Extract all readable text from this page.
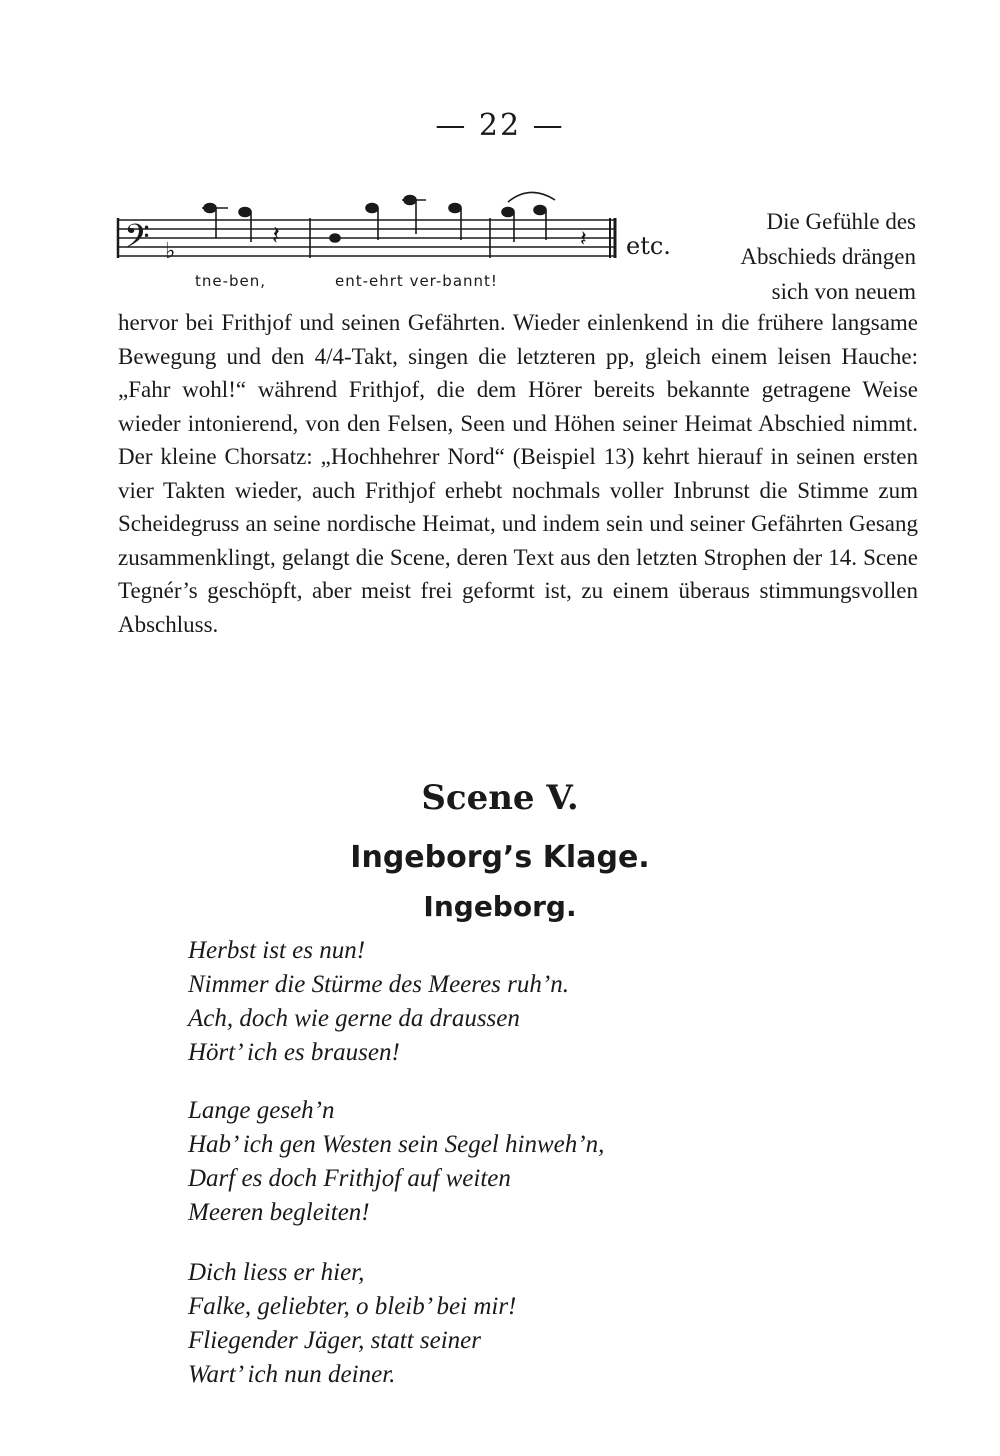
— 22 —
𝄢 ♭
𝄽	𝄽 etc.
tne-ben,	ent-ehrt ver-bannt!
Die Gefühle des
Abschieds drängen
sich von neuem

hervor bei Frithjof und seinen Gefährten. Wieder einlenkend in die frühere langsame Bewegung und den 4/4-Takt, singen die letzteren pp, gleich einem leisen Hauche: „Fahr wohl!“ während Frithjof, die dem Hörer bereits bekannte getragene Weise wieder intonierend, von den Felsen, Seen und Höhen seiner Heimat Abschied nimmt. Der kleine Chorsatz: „Hochhehrer Nord“ (Beispiel 13) kehrt hierauf in seinen ersten vier Takten wieder, auch Frithjof erhebt nochmals voller Inbrunst die Stimme zum Scheidegruss an seine nordische Heimat, und indem sein und seiner Gefährten Gesang zusammenklingt, gelangt die Scene, deren Text aus den letzten Strophen der 14. Scene Tegnér’s geschöpft, aber meist frei geformt ist, zu einem überaus stimmungsvollen Abschluss.

Scene V.
Ingeborg’s Klage.
Ingeborg.
Herbst ist es nun!
Nimmer die Stürme des Meeres ruh’n.
Ach, doch wie gerne da draussen
Hört’ ich es brausen!
Lange geseh’n
Hab’ ich gen Westen sein Segel hinweh’n,
Darf es doch Frithjof auf weiten
Meeren begleiten!
Dich liess er hier,
Falke, geliebter, o bleib’ bei mir!
Fliegender Jäger, statt seiner
Wart’ ich nun deiner.
